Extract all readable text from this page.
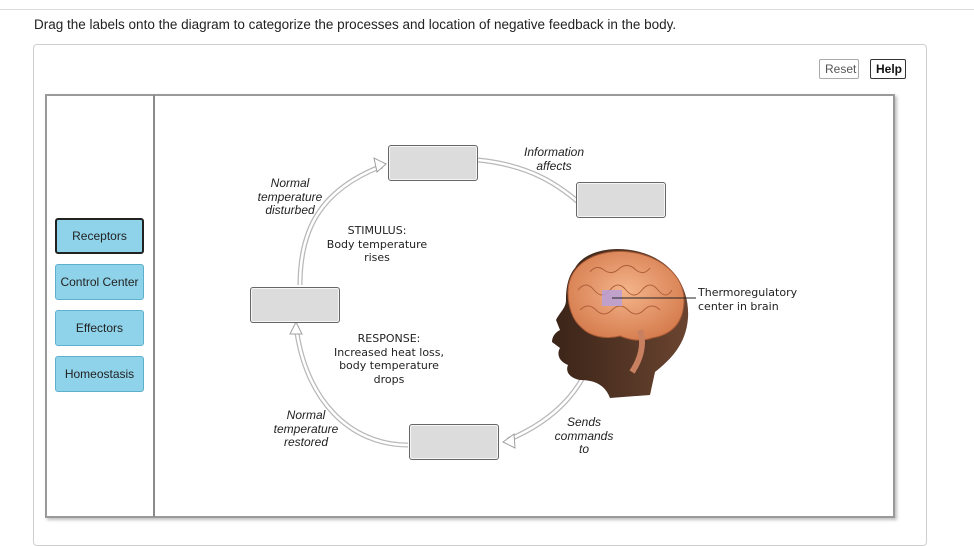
Drag the labels onto the diagram to categorize the processes and location of negative feedback in the body.
Reset	Help
Receptors
Control Center
Effectors
Homeostasis
Normal
temperature
disturbed
STIMULUS:
Body temperature
rises
RESPONSE:
Increased heat loss,
body temperature
drops
Normal
temperature
restored
Information
affects
Sends
commands
to
Thermoregulatory
center in brain
